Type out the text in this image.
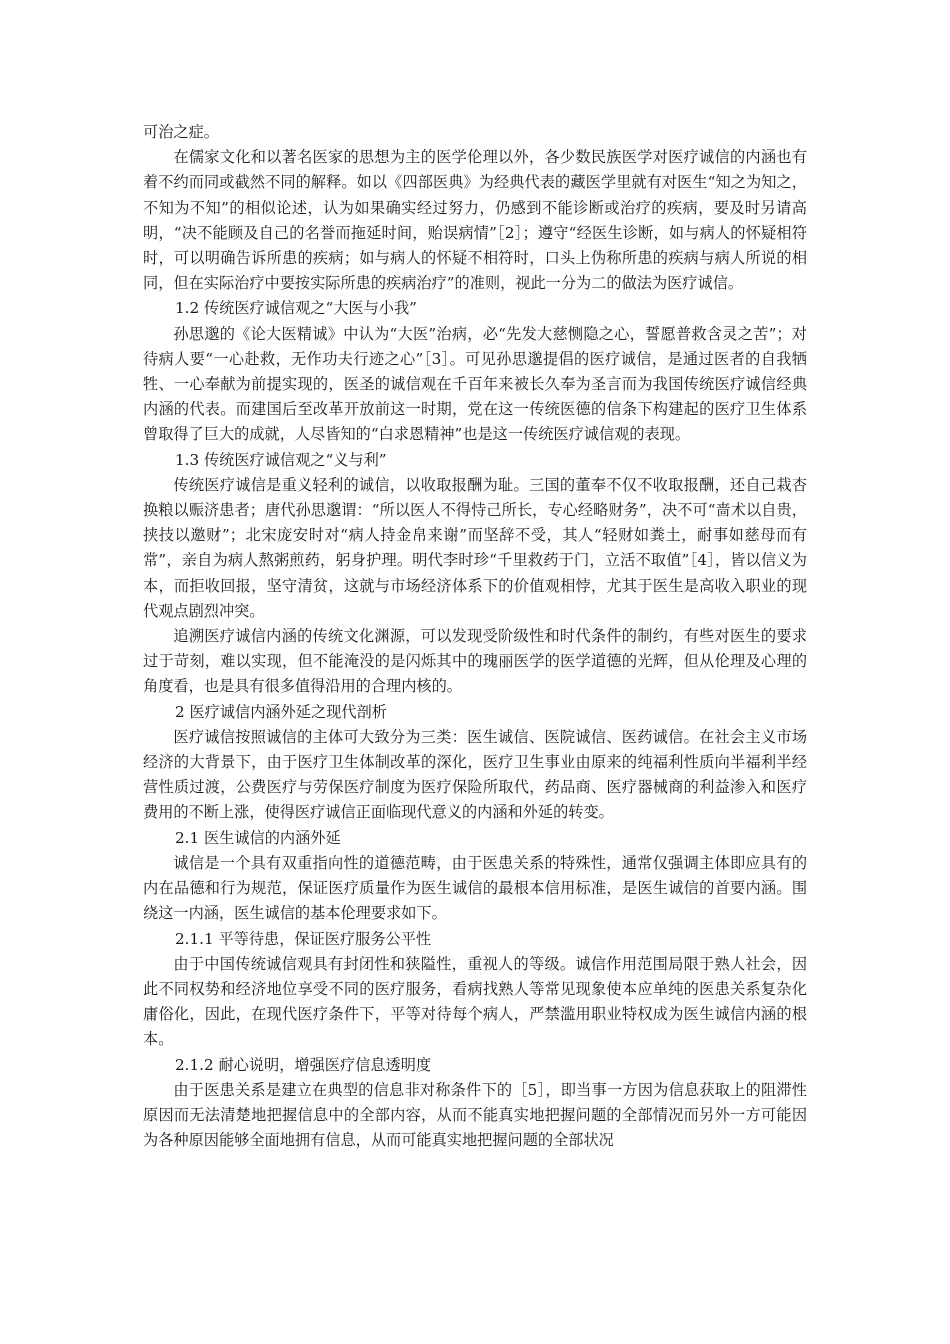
可治之症。

在儒家文化和以著名医家的思想为主的医学伦理以外，各少数民族医学对医疗诚信的内涵也有着不约而同或截然不同的解释。如以《四部医典》为经典代表的藏医学里就有对医生“知之为知之，不知为不知”的相似论述，认为如果确实经过努力，仍感到不能诊断或治疗的疾病，要及时另请高明，“决不能顾及自己的名誉而拖延时间，贻误病情”［2］；遵守“经医生诊断，如与病人的怀疑相符时，可以明确告诉所患的疾病；如与病人的怀疑不相符时，口头上伪称所患的疾病与病人所说的相同，但在实际治疗中要按实际所患的疾病治疗”的准则，视此一分为二的做法为医疗诚信。

1.2 传统医疗诚信观之“大医与小我”

孙思邈的《论大医精诚》中认为“大医”治病，必“先发大慈恻隐之心，誓愿普救含灵之苦”；对待病人要“一心赴救，无作功夫行迹之心”［3］。可见孙思邈提倡的医疗诚信，是通过医者的自我牺牲、一心奉献为前提实现的，医圣的诚信观在千百年来被长久奉为圣言而为我国传统医疗诚信经典内涵的代表。而建国后至改革开放前这一时期，党在这一传统医德的信条下构建起的医疗卫生体系曾取得了巨大的成就，人尽皆知的“白求恩精神”也是这一传统医疗诚信观的表现。

1.3 传统医疗诚信观之“义与利”

传统医疗诚信是重义轻利的诚信，以收取报酬为耻。三国的董奉不仅不收取报酬，还自己栽杏换粮以赈济患者；唐代孙思邈谓：“所以医人不得恃己所长，专心经略财务”，决不可“啬术以自贵，挟技以邀财”；北宋庞安时对“病人持金帛来谢”而坚辞不受，其人“轻财如粪土，耐事如慈母而有常”，亲自为病人熬粥煎药，躬身护理。明代李时珍“千里救药于门，立活不取值”［4］，皆以信义为本，而拒收回报，坚守清贫，这就与市场经济体系下的价值观相悖，尤其于医生是高收入职业的现代观点剧烈冲突。

追溯医疗诚信内涵的传统文化渊源，可以发现受阶级性和时代条件的制约，有些对医生的要求过于苛刻，难以实现，但不能淹没的是闪烁其中的瑰丽医学的医学道德的光辉，但从伦理及心理的角度看，也是具有很多值得沿用的合理内核的。

2 医疗诚信内涵外延之现代剖析

医疗诚信按照诚信的主体可大致分为三类：医生诚信、医院诚信、医药诚信。在社会主义市场经济的大背景下，由于医疗卫生体制改革的深化，医疗卫生事业由原来的纯福利性质向半福利半经营性质过渡，公费医疗与劳保医疗制度为医疗保险所取代，药品商、医疗器械商的利益渗入和医疗费用的不断上涨，使得医疗诚信正面临现代意义的内涵和外延的转变。

2.1 医生诚信的内涵外延

诚信是一个具有双重指向性的道德范畴，由于医患关系的特殊性，通常仅强调主体即应具有的内在品德和行为规范，保证医疗质量作为医生诚信的最根本信用标准，是医生诚信的首要内涵。围绕这一内涵，医生诚信的基本伦理要求如下。

2.1.1 平等待患，保证医疗服务公平性

由于中国传统诚信观具有封闭性和狭隘性，重视人的等级。诚信作用范围局限于熟人社会，因此不同权势和经济地位享受不同的医疗服务，看病找熟人等常见现象使本应单纯的医患关系复杂化庸俗化，因此，在现代医疗条件下，平等对待每个病人，严禁滥用职业特权成为医生诚信内涵的根本。

2.1.2 耐心说明，增强医疗信息透明度

由于医患关系是建立在典型的信息非对称条件下的［5］，即当事一方因为信息获取上的阻滞性原因而无法清楚地把握信息中的全部内容，从而不能真实地把握问题的全部情况而另外一方可能因为各种原因能够全面地拥有信息，从而可能真实地把握问题的全部状况
